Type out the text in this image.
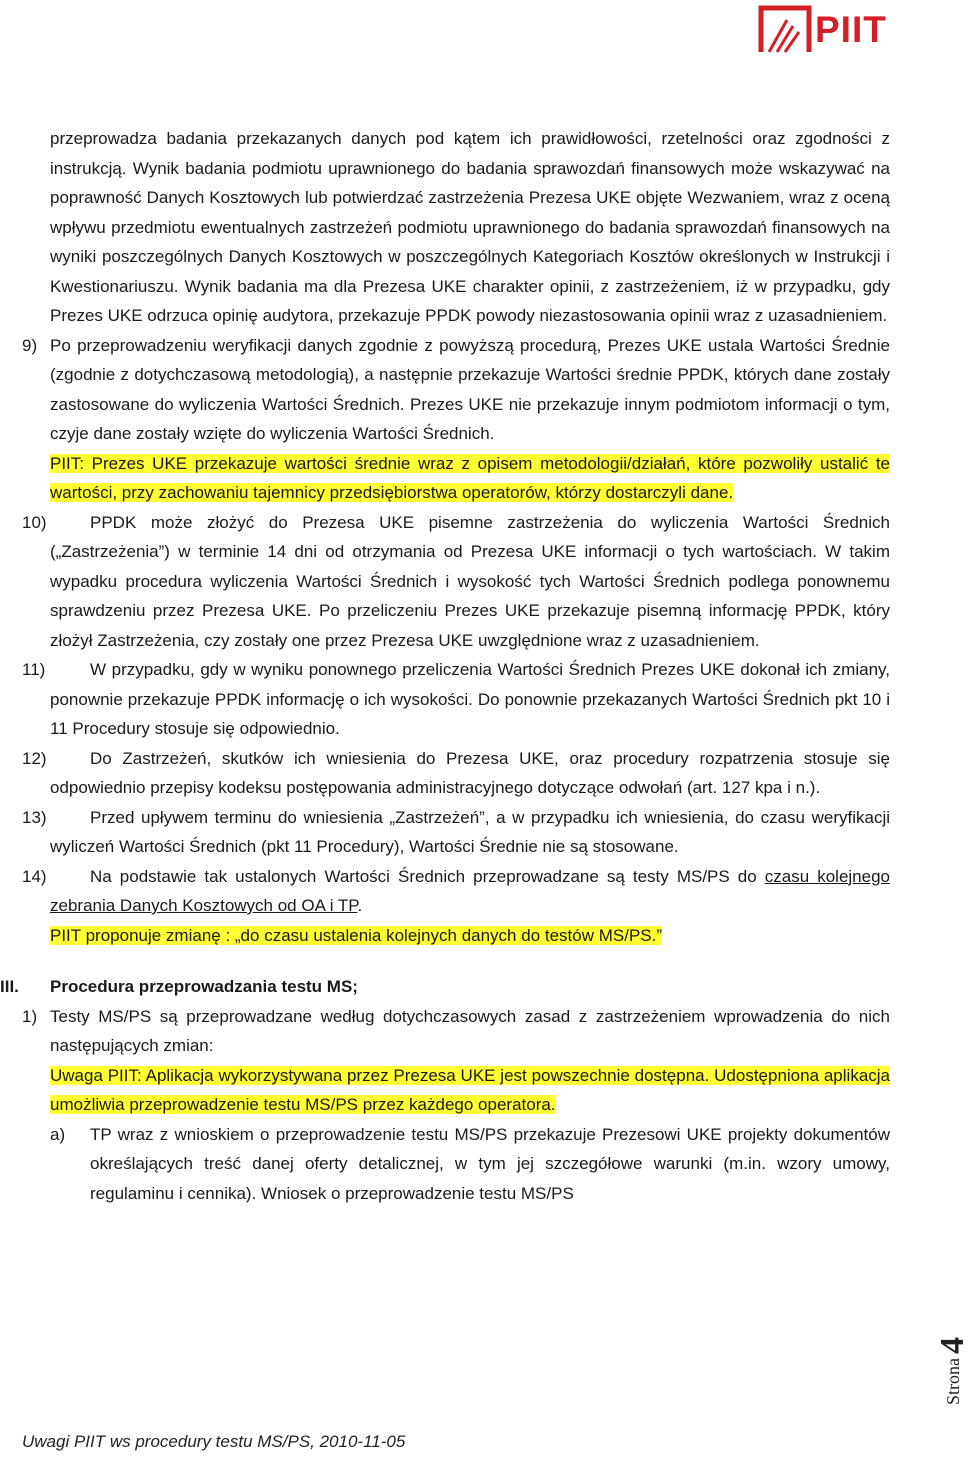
PIIT

przeprowadza badania przekazanych danych pod kątem ich prawidłowości, rzetelności oraz zgodności z instrukcją. Wynik badania podmiotu uprawnionego do badania sprawozdań finansowych może wskazywać na poprawność Danych Kosztowych lub potwierdzać zastrzeżenia Prezesa UKE objęte Wezwaniem, wraz z oceną wpływu przedmiotu ewentualnych zastrzeżeń podmiotu uprawnionego do badania sprawozdań finansowych na wyniki poszczególnych Danych Kosztowych w poszczególnych Kategoriach Kosztów określonych w Instrukcji i Kwestionariuszu. Wynik badania ma dla Prezesa UKE charakter opinii, z zastrzeżeniem, iż w przypadku, gdy Prezes UKE odrzuca opinię audytora, przekazuje PPDK powody niezastosowania opinii wraz z uzasadnieniem.

9) Po przeprowadzeniu weryfikacji danych zgodnie z powyższą procedurą, Prezes UKE ustala Wartości Średnie (zgodnie z dotychczasową metodologią), a następnie przekazuje Wartości średnie PPDK, których dane zostały zastosowane do wyliczenia Wartości Średnich. Prezes UKE nie przekazuje innym podmiotom informacji o tym, czyje dane zostały wzięte do wyliczenia Wartości Średnich.

PIIT: Prezes UKE przekazuje wartości średnie wraz z opisem metodologii/działań, które pozwoliły ustalić te wartości, przy zachowaniu tajemnicy przedsiębiorstwa operatorów, którzy dostarczyli dane.

10)	PPDK może złożyć do Prezesa UKE pisemne zastrzeżenia do wyliczenia Wartości Średnich („Zastrzeżenia”) w terminie 14 dni od otrzymania od Prezesa UKE informacji o tych wartościach. W takim wypadku procedura wyliczenia Wartości Średnich i wysokość tych Wartości Średnich podlega ponownemu sprawdzeniu przez Prezesa UKE. Po przeliczeniu Prezes UKE przekazuje pisemną informację PPDK, który złożył Zastrzeżenia, czy zostały one przez Prezesa UKE uwzględnione wraz z uzasadnieniem.

11)	W przypadku, gdy w wyniku ponownego przeliczenia Wartości Średnich Prezes UKE dokonał ich zmiany, ponownie przekazuje PPDK informację o ich wysokości. Do ponownie przekazanych Wartości Średnich pkt 10 i 11 Procedury stosuje się odpowiednio.

12)	Do Zastrzeżeń, skutków ich wniesienia do Prezesa UKE, oraz procedury rozpatrzenia stosuje się odpowiednio przepisy kodeksu postępowania administracyjnego dotyczące odwołań (art. 127 kpa i n.).

13)	Przed upływem terminu do wniesienia „Zastrzeżeń”, a w przypadku ich wniesienia, do czasu weryfikacji wyliczeń Wartości Średnich (pkt 11 Procedury), Wartości Średnie nie są stosowane.

14)	Na podstawie tak ustalonych Wartości Średnich przeprowadzane są testy MS/PS do czasu kolejnego zebrania Danych Kosztowych od OA i TP.

PIIT proponuje zmianę : „do czasu ustalenia kolejnych danych do testów MS/PS.”

III. Procedura przeprowadzania testu MS;
1) Testy MS/PS są przeprowadzane według dotychczasowych zasad z zastrzeżeniem wprowadzenia do nich następujących zmian:

Uwaga PIIT: Aplikacja wykorzystywana przez Prezesa UKE jest powszechnie dostępna. Udostępniona aplikacja umożliwia przeprowadzenie testu MS/PS przez każdego operatora.

a) TP wraz z wnioskiem o przeprowadzenie testu MS/PS przekazuje Prezesowi UKE projekty dokumentów określających treść danej oferty detalicznej, w tym jej szczegółowe warunki (m.in. wzory umowy, regulaminu i cennika). Wniosek o przeprowadzenie testu MS/PS

Strona4
Uwagi PIIT ws procedury testu MS/PS, 2010-11-05
